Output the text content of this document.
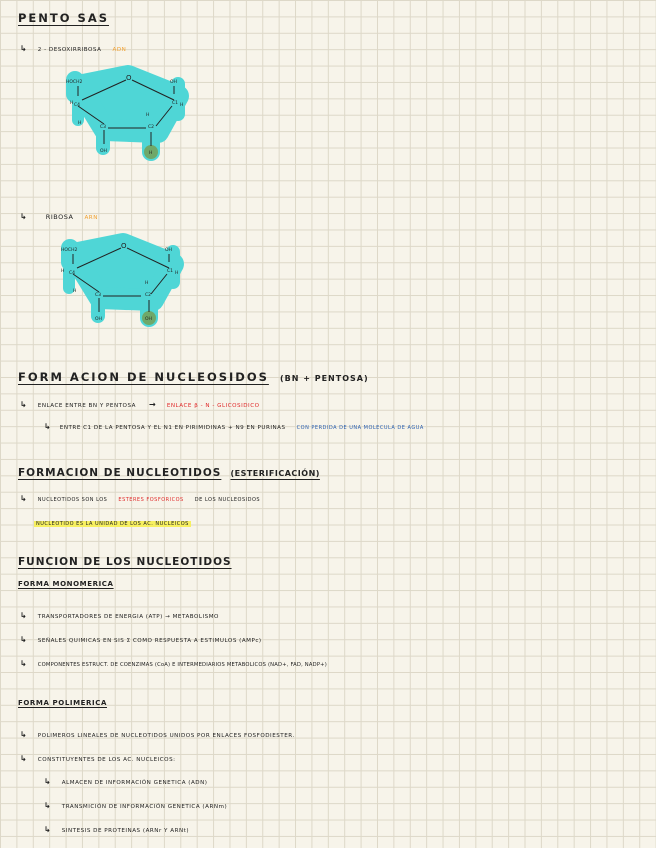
PENTO SAS
↳ 2 - DESOXIRRIBOSA ADN
HOCH2	OH
O
H C4	C1 H
H
H
C3	C2
OH	H
↳	RIBOSA ARN
HOCH2	OH
O
H C4	C1 H
H
H
C3	C2
OH	OH
FORM ACION DE NUCLEOSIDOS (BN + PENTOSA)
↳ ENLACE ENTRE BN Y PENTOSA → ENLACE β - N - GLICOSIDICO
↳ ENTRE C1 DE LA PENTOSA Y EL N1 EN PIRIMIDINAS + N9 EN PURINAS CON PERDIDA DE UNA MOLECULA DE AGUA
FORMACION DE NUCLEOTIDOS (ESTERIFICACIÓN)
↳ NUCLEOTIDOS SON LOS ESTERES FOSFORICOS DE LOS NUCLEOSIDOS
NUCLEOTIDO ES LA UNIDAD DE LOS AC. NUCLEICOS
FUNCION DE LOS NUCLEOTIDOS
FORMA MONOMERICA
↳ TRANSPORTADORES DE ENERGIA (ATP) → METABOLISMO
↳ SEÑALES QUIMICAS EN SIS Σ COMO RESPUESTA A ESTIMULOS (AMPc)
↳ COMPONENTES ESTRUCT. DE COENZIMAS (CoA) E INTERMEDIARIOS METABOLICOS (NAD+, FAD, NADP+)
FORMA POLIMERICA
↳ POLIMEROS LINEALES DE NUCLEOTIDOS UNIDOS POR ENLACES FOSFODIESTER.
↳ CONSTITUYENTES DE LOS AC. NUCLEICOS:
↳ ALMACEN DE INFORMACIÓN GENETICA (ADN)
↳ TRANSMICIÓN DE INFORMACIÓN GENETICA (ARNm)
↳ SINTESIS DE PROTEINAS (ARNr Y ARNt)
